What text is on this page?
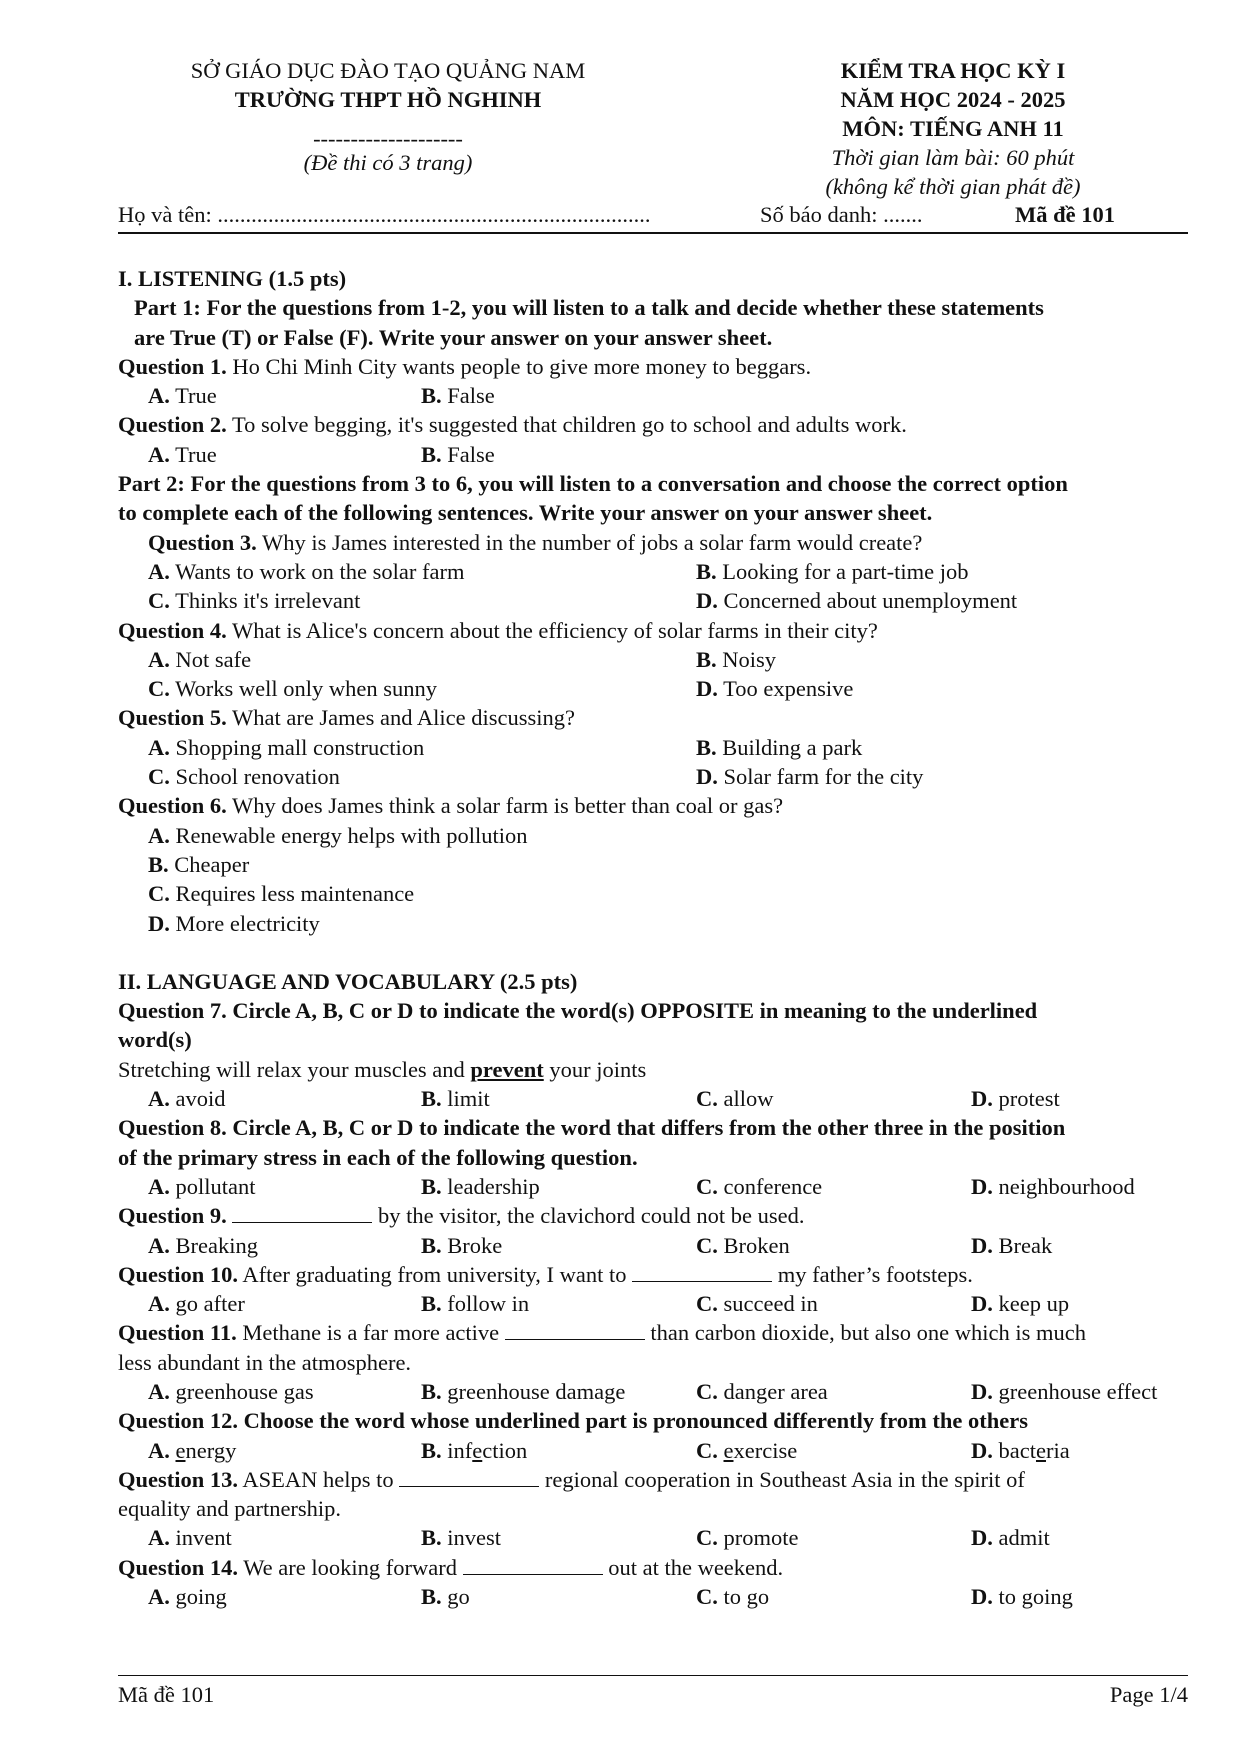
SỞ GIÁO DỤC ĐÀO TẠO QUẢNG NAM
TRƯỜNG THPT HỒ NGHINH
--------------------
(Đề thi có 3 trang)
KIỂM TRA HỌC KỲ I
NĂM HỌC 2024 - 2025
MÔN: TIẾNG ANH 11
Thời gian làm bài: 60 phút
(không kể thời gian phát đề)
Họ và tên: .............................................................................	Số báo danh: .......	Mã đề 101
I. LISTENING (1.5 pts)
Part 1: For the questions from 1-2, you will listen to a talk and decide whether these statements
are True (T) or False (F). Write your answer on your answer sheet.
Question 1. Ho Chi Minh City wants people to give more money to beggars.
A. True	B. False
Question 2. To solve begging, it's suggested that children go to school and adults work.
A. True	B. False
Part 2: For the questions from 3 to 6, you will listen to a conversation and choose the correct option
to complete each of the following sentences. Write your answer on your answer sheet.
Question 3. Why is James interested in the number of jobs a solar farm would create?
A. Wants to work on the solar farm	B. Looking for a part-time job
C. Thinks it's irrelevant	D. Concerned about unemployment
Question 4. What is Alice's concern about the efficiency of solar farms in their city?
A. Not safe	B. Noisy
C. Works well only when sunny	D. Too expensive
Question 5. What are James and Alice discussing?
A. Shopping mall construction	B. Building a park
C. School renovation	D. Solar farm for the city
Question 6. Why does James think a solar farm is better than coal or gas?
A. Renewable energy helps with pollution
B. Cheaper
C. Requires less maintenance
D. More electricity
II. LANGUAGE AND VOCABULARY (2.5 pts)
Question 7. Circle A, B, C or D to indicate the word(s) OPPOSITE in meaning to the underlined
word(s)
Stretching will relax your muscles and prevent your joints
A. avoid	B. limit	C. allow	D. protest
Question 8. Circle A, B, C or D to indicate the word that differs from the other three in the position
of the primary stress in each of the following question.
A. pollutant	B. leadership	C. conference	D. neighbourhood
Question 9.	by the visitor, the clavichord could not be used.
A. Breaking	B. Broke	C. Broken	D. Break
Question 10. After graduating from university, I want to	my father’s footsteps.
A. go after	B. follow in	C. succeed in	D. keep up
Question 11. Methane is a far more active	than carbon dioxide, but also one which is much
less abundant in the atmosphere.
A. greenhouse gas	B. greenhouse damage	C. danger area	D. greenhouse effect
Question 12. Choose the word whose underlined part is pronounced differently from the others
A. energy	B. infection	C. exercise	D. bacteria
Question 13. ASEAN helps to	regional cooperation in Southeast Asia in the spirit of
equality and partnership.
A. invent	B. invest	C. promote	D. admit
Question 14. We are looking forward	out at the weekend.
A. going	B. go	C. to go	D. to going
Mã đề 101	Page 1/4
